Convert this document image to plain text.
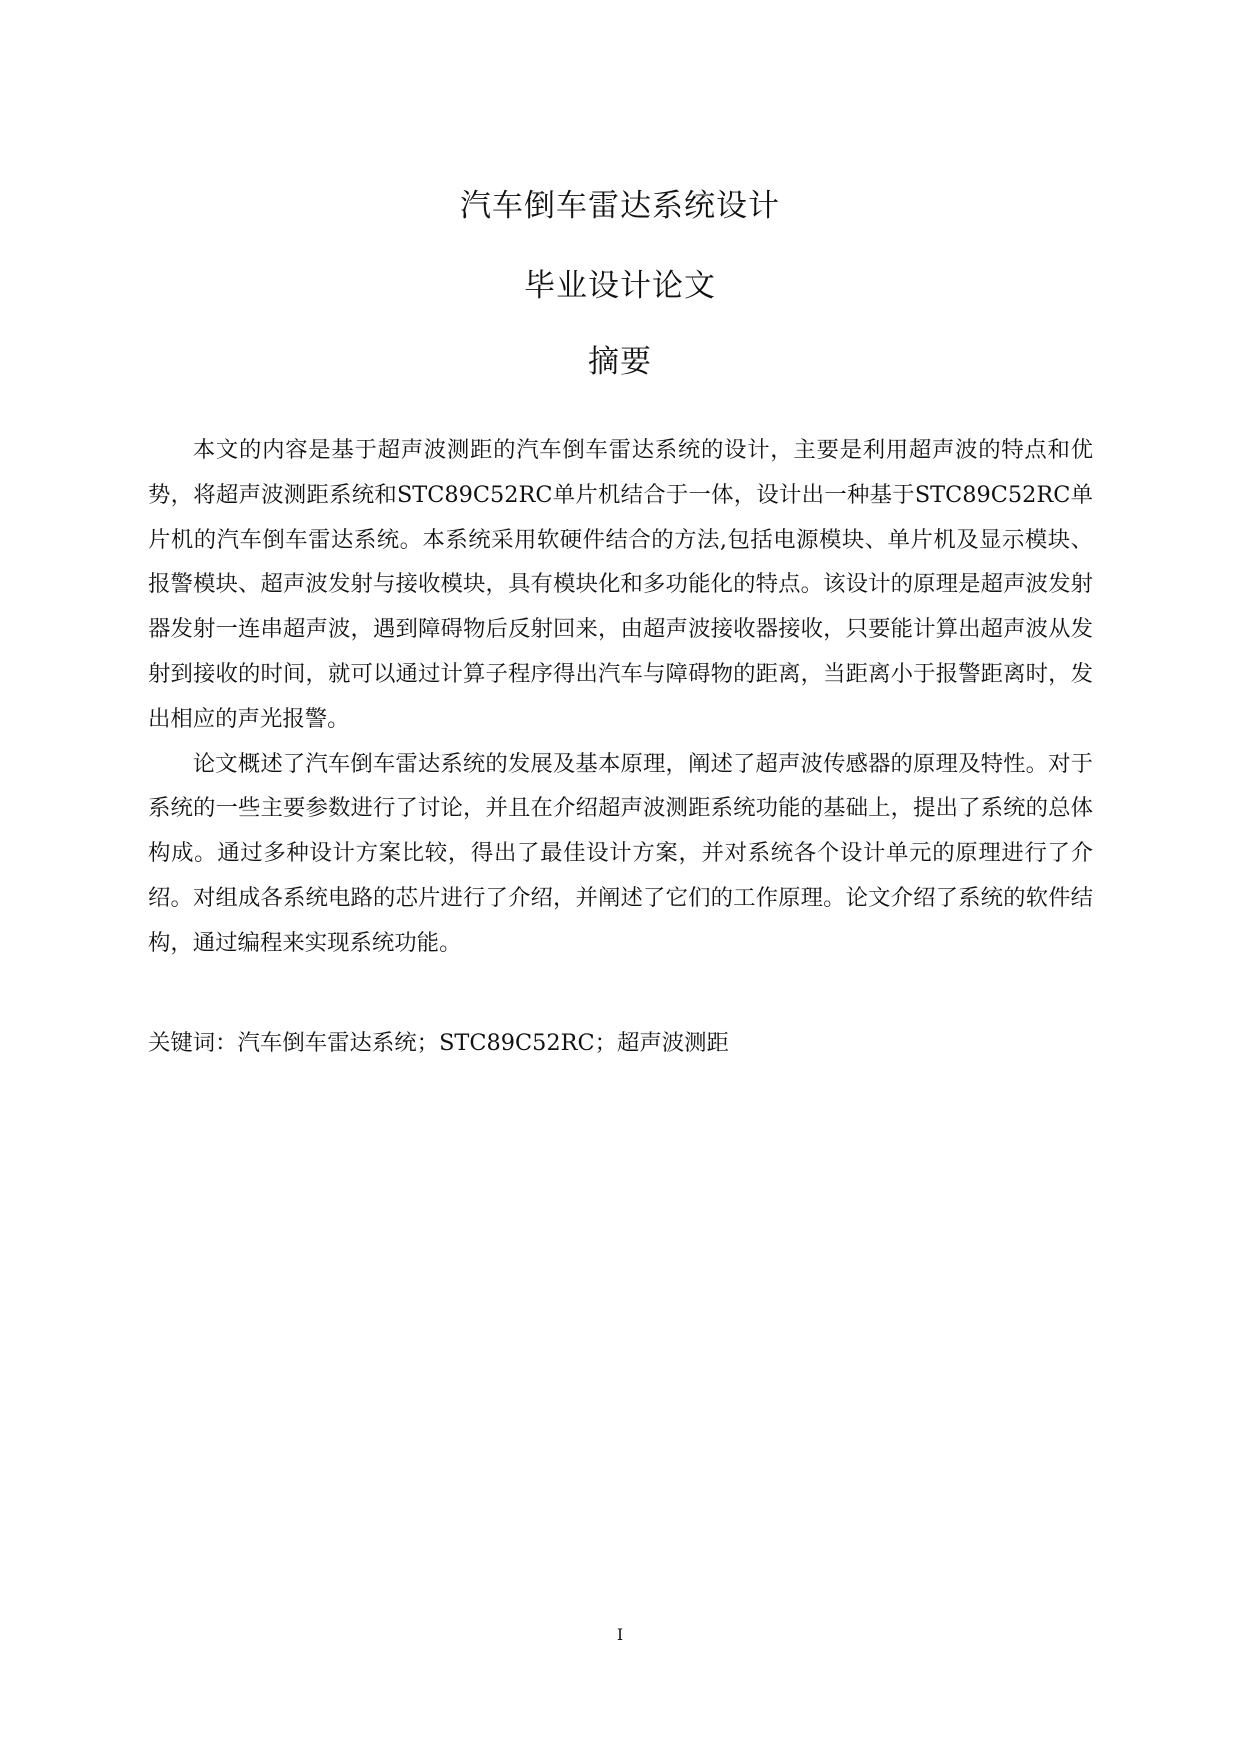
汽车倒车雷达系统设计
毕业设计论文
摘要

本文的内容是基于超声波测距的汽车倒车雷达系统的设计，主要是利用超声波的特点和优势，将超声波测距系统和STC89C52RC单片机结合于一体，设计出一种基于STC89C52RC单片机的汽车倒车雷达系统。本系统采用软硬件结合的方法,包括电源模块、单片机及显示模块、报警模块、超声波发射与接收模块，具有模块化和多功能化的特点。该设计的原理是超声波发射器发射一连串超声波，遇到障碍物后反射回来，由超声波接收器接收，只要能计算出超声波从发射到接收的时间，就可以通过计算子程序得出汽车与障碍物的距离，当距离小于报警距离时，发出相应的声光报警。

论文概述了汽车倒车雷达系统的发展及基本原理，阐述了超声波传感器的原理及特性。对于系统的一些主要参数进行了讨论，并且在介绍超声波测距系统功能的基础上，提出了系统的总体构成。通过多种设计方案比较，得出了最佳设计方案，并对系统各个设计单元的原理进行了介绍。对组成各系统电路的芯片进行了介绍，并阐述了它们的工作原理。论文介绍了系统的软件结构，通过编程来实现系统功能。

关键词：汽车倒车雷达系统；STC89C52RC；超声波测距
I
